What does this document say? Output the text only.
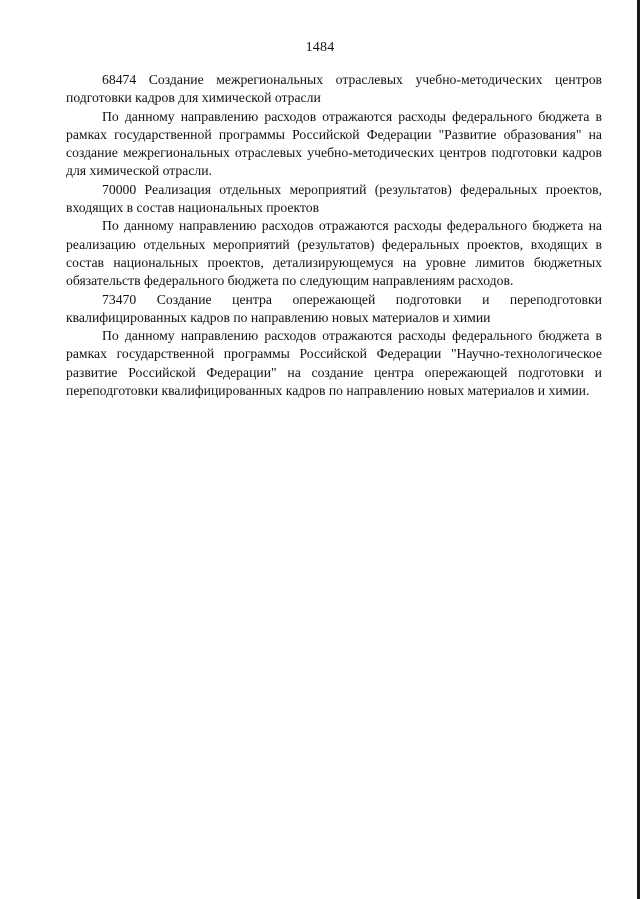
1484

68474 Создание межрегиональных отраслевых учебно-методических центров подготовки кадров для химической отрасли

По данному направлению расходов отражаются расходы федерального бюджета в рамках государственной программы Российской Федерации "Развитие образования" на создание межрегиональных отраслевых учебно-методических центров подготовки кадров для химической отрасли.

70000 Реализация отдельных мероприятий (результатов) федеральных проектов, входящих в состав национальных проектов

По данному направлению расходов отражаются расходы федерального бюджета на реализацию отдельных мероприятий (результатов) федеральных проектов, входящих в состав национальных проектов, детализирующемуся на уровне лимитов бюджетных обязательств федерального бюджета по следующим направлениям расходов.

73470 Создание центра опережающей подготовки и переподготовки квалифицированных кадров по направлению новых материалов и химии

По данному направлению расходов отражаются расходы федерального бюджета в рамках государственной программы Российской Федерации "Научно-технологическое развитие Российской Федерации" на создание центра опережающей подготовки и переподготовки квалифицированных кадров по направлению новых материалов и химии.
